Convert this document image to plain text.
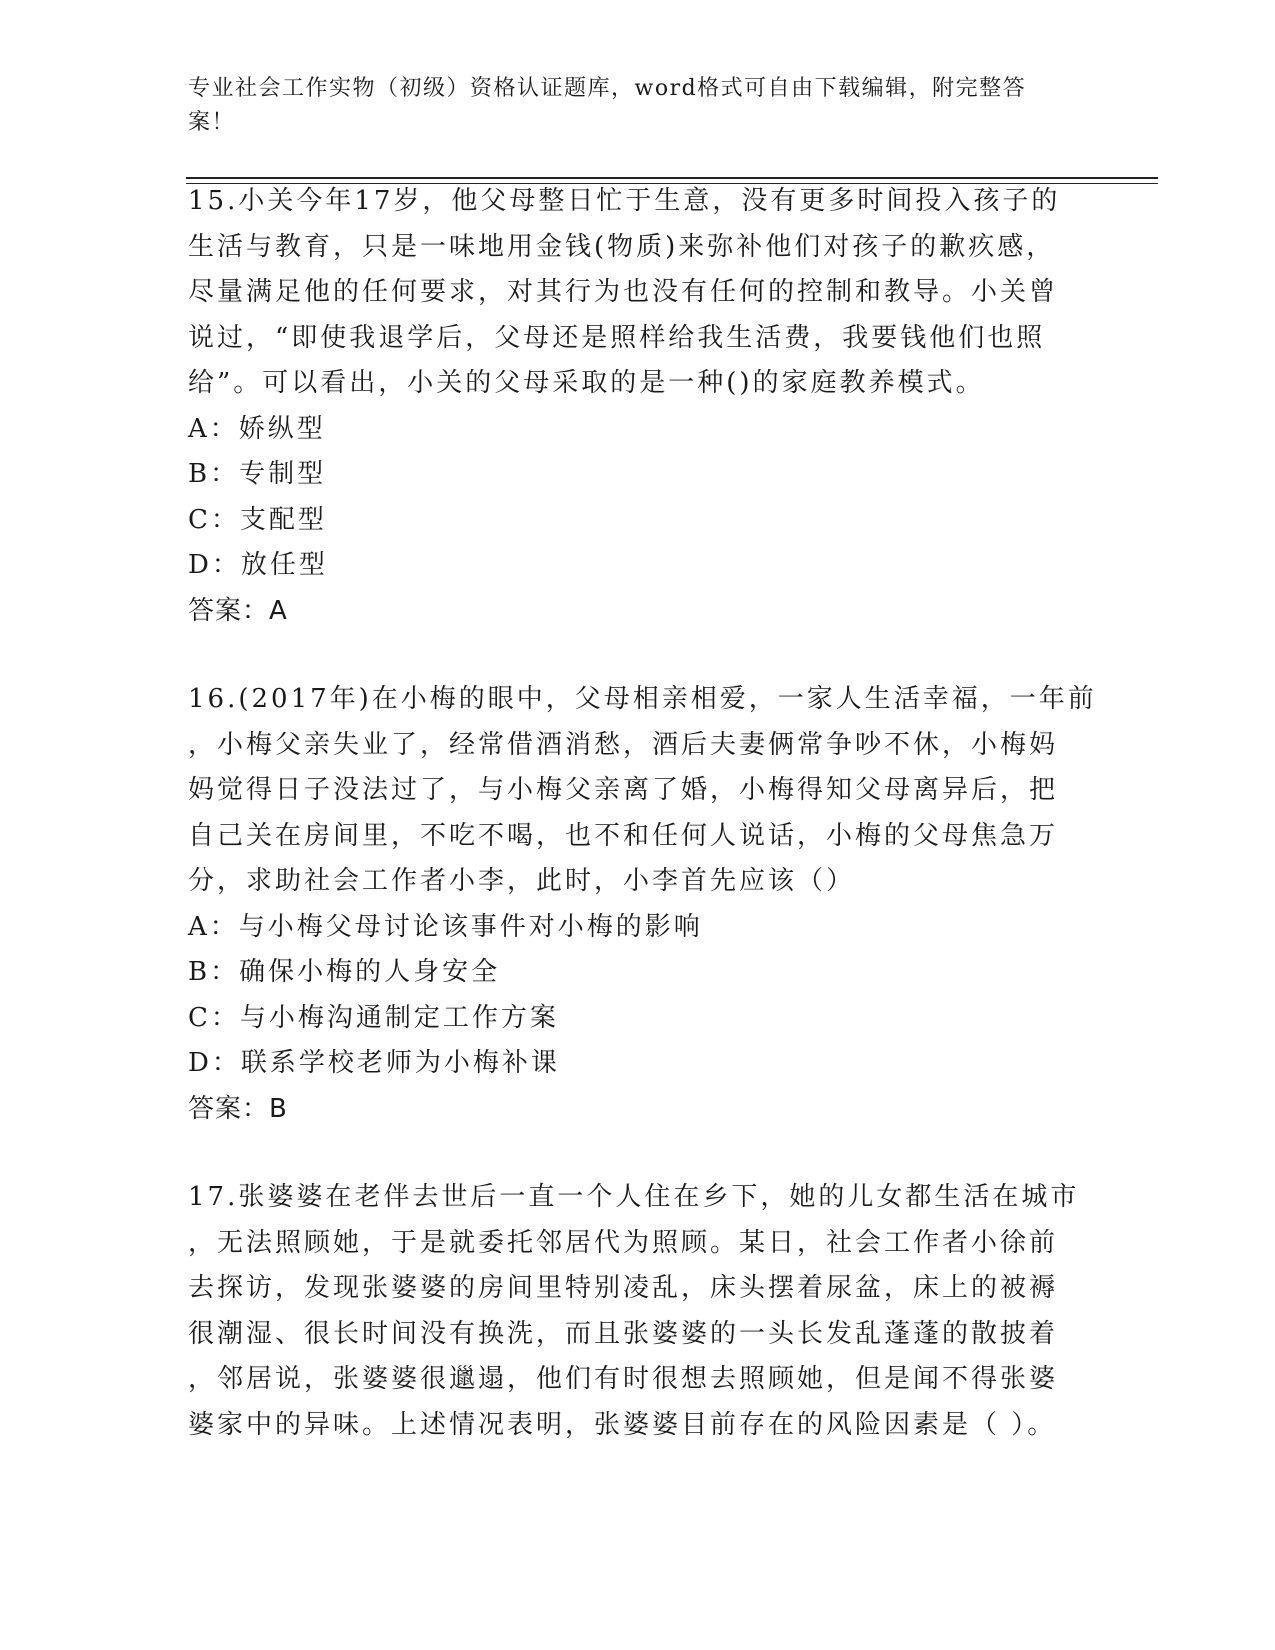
专业社会工作实物（初级）资格认证题库，word格式可自由下载编辑，附完整答案！
15.小关今年17岁，他父母整日忙于生意，没有更多时间投入孩子的
生活与教育，只是一味地用金钱(物质)来弥补他们对孩子的歉疚感，
尽量满足他的任何要求，对其行为也没有任何的控制和教导。小关曾
说过，“即使我退学后，父母还是照样给我生活费，我要钱他们也照
给”。可以看出，小关的父母采取的是一种()的家庭教养模式。
A：娇纵型
B：专制型
C：支配型
D：放任型
答案：A
16.(2017年)在小梅的眼中，父母相亲相爱，一家人生活幸福，一年前
，小梅父亲失业了，经常借酒消愁，酒后夫妻俩常争吵不休，小梅妈
妈觉得日子没法过了，与小梅父亲离了婚，小梅得知父母离异后，把
自己关在房间里，不吃不喝，也不和任何人说话，小梅的父母焦急万
分，求助社会工作者小李，此时，小李首先应该（）
A：与小梅父母讨论该事件对小梅的影响
B：确保小梅的人身安全
C：与小梅沟通制定工作方案
D：联系学校老师为小梅补课
答案：B
17.张婆婆在老伴去世后一直一个人住在乡下，她的儿女都生活在城市
，无法照顾她，于是就委托邻居代为照顾。某日，社会工作者小徐前
去探访，发现张婆婆的房间里特别凌乱，床头摆着尿盆，床上的被褥
很潮湿、很长时间没有换洗，而且张婆婆的一头长发乱蓬蓬的散披着
，邻居说，张婆婆很邋遢，他们有时很想去照顾她，但是闻不得张婆
婆家中的异味。上述情况表明，张婆婆目前存在的风险因素是（ ）。
